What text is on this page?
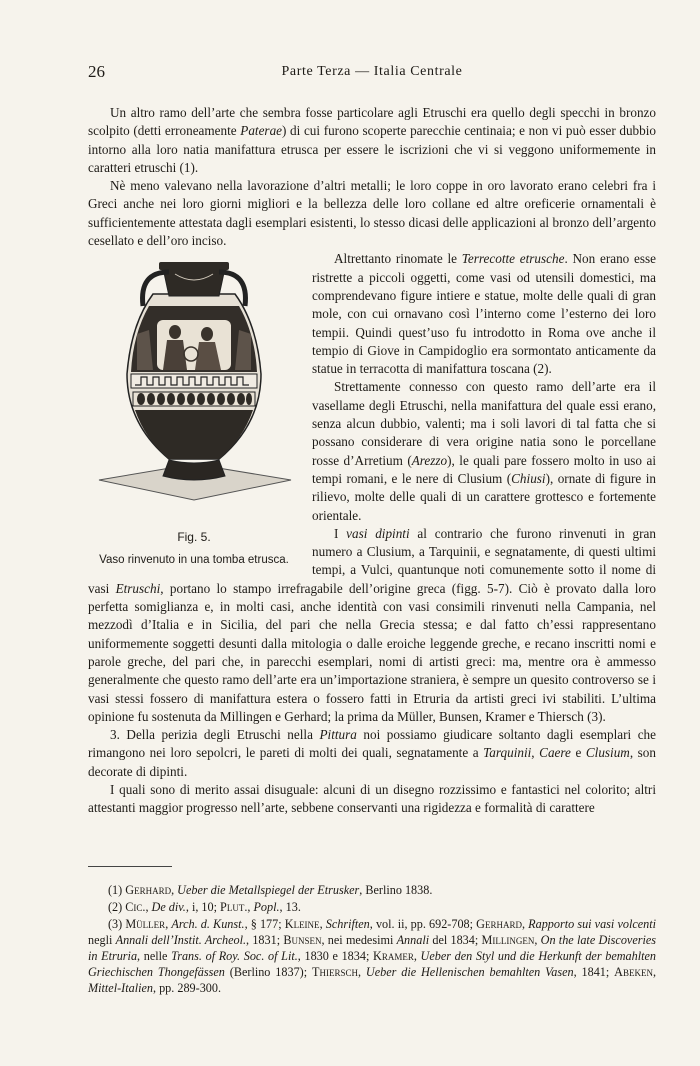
26	Parte Terza — Italia Centrale

Un altro ramo dell’arte che sembra fosse particolare agli Etruschi era quello degli specchi in bronzo scolpito (detti erroneamente Paterae) di cui furono scoperte parecchie centinaia; e non vi può esser dubbio intorno alla loro natia manifattura etrusca per essere le iscrizioni che vi si veggono uniformemente in caratteri etruschi (1).

Nè meno valevano nella lavorazione d’altri metalli; le loro coppe in oro lavorato erano celebri fra i Greci anche nei loro giorni migliori e la bellezza delle loro collane ed altre oreficerie ornamentali è sufficientemente attestata dagli esemplari esistenti, lo stesso dicasi delle applicazioni al bronzo dell’argento cesellato e dell’oro inciso.

Fig. 5.
Vaso rinvenuto in una tomba etrusca.

Altrettanto rinomate le Terrecotte etrusche. Non erano esse ristrette a piccoli oggetti, come vasi od utensili domestici, ma comprendevano figure intiere e statue, molte delle quali di gran mole, con cui ornavano così l’interno come l’esterno dei loro tempii. Quindi quest’uso fu introdotto in Roma ove anche il tempio di Giove in Campidoglio era sormontato anticamente da statue in terracotta di manifattura toscana (2).

Strettamente connesso con questo ramo dell’arte era il vasellame degli Etruschi, nella manifattura del quale essi erano, senza alcun dubbio, valenti; ma i soli lavori di tal fatta che si possano considerare di vera origine natia sono le porcellane rosse d’Arretium (Arezzo), le quali pare fossero molto in uso ai tempi romani, e le nere di Clusium (Chiusi), ornate di figure in rilievo, molte delle quali di un carattere grottesco e fortemente orientale.

I vasi dipinti al contrario che furono rinvenuti in gran numero a Clusium, a Tarquinii, e segnatamente, di questi ultimi tempi, a Vulci, quantunque noti comunemente sotto il nome di vasi Etruschi, portano lo stampo irrefragabile dell’origine greca (figg. 5-7). Ciò è provato dalla loro perfetta somiglianza e, in molti casi, anche identità con vasi consimili rinvenuti nella Campania, nel mezzodì d’Italia e in Sicilia, del pari che nella Grecia stessa; e dal fatto ch’essi rappresentano uniformemente soggetti desunti dalla mitologia o dalle eroiche leggende greche, e recano inscritti nomi e parole greche, del pari che, in parecchi esemplari, nomi di artisti greci: ma, mentre ora è ammesso generalmente che questo ramo dell’arte era un’importazione straniera, è sempre un quesito controverso se i vasi stessi fossero di manifattura estera o fossero fatti in Etruria da artisti greci ivi stabiliti. L’ultima opinione fu sostenuta da Millingen e Gerhard; la prima da Müller, Bunsen, Kramer e Thiersch (3).

3. Della perizia degli Etruschi nella Pittura noi possiamo giudicare soltanto dagli esemplari che rimangono nei loro sepolcri, le pareti di molti dei quali, segnatamente a Tarquinii, Caere e Clusium, son decorate di dipinti.

I quali sono di merito assai disuguale: alcuni di un disegno rozzissimo e fantastici nel colorito; altri attestanti maggior progresso nell’arte, sebbene conservanti una rigidezza e formalità di carattere

(1) Gerhard, Ueber die Metallspiegel der Etrusker, Berlino 1838.

(2) Cic., De div., i, 10; Plut., Popl., 13.

(3) Müller, Arch. d. Kunst., § 177; Kleine, Schriften, vol. ii, pp. 692-708; Gerhard, Rapporto sui vasi volcenti negli Annali dell’Instit. Archeol., 1831; Bunsen, nei medesimi Annali del 1834; Millingen, On the late Discoveries in Etruria, nelle Trans. of Roy. Soc. of Lit., 1830 e 1834; Kramer, Ueber den Styl und die Herkunft der bemahlten Griechischen Thongefässen (Berlino 1837); Thiersch, Ueber die Hellenischen bemahlten Vasen, 1841; Abeken, Mittel-Italien, pp. 289-300.
